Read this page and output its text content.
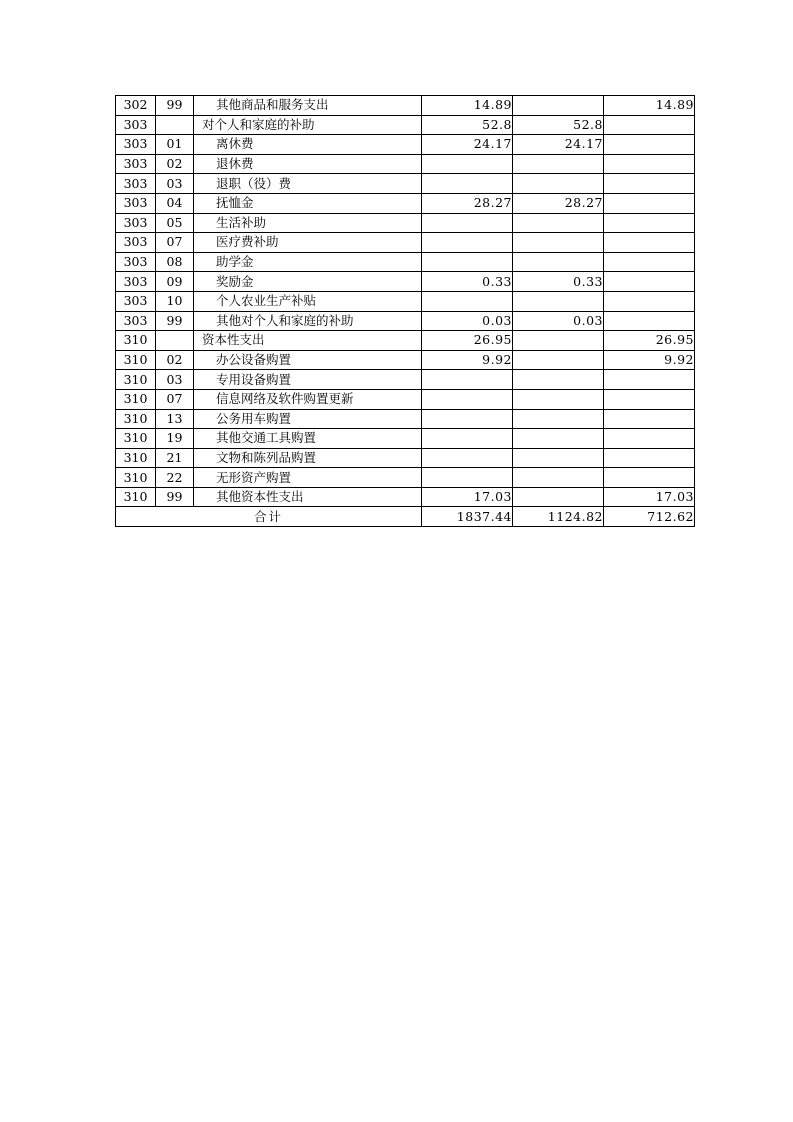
302	99	其他商品和服务支出	14.89		14.89
303		对个人和家庭的补助	52.8	52.8	
303	01	离休费	24.17	24.17	
303	02	退休费			
303	03	退职（役）费			
303	04	抚恤金	28.27	28.27	
303	05	生活补助			
303	07	医疗费补助			
303	08	助学金			
303	09	奖励金	0.33	0.33	
303	10	个人农业生产补贴			
303	99	其他对个人和家庭的补助	0.03	0.03	
310		资本性支出	26.95		26.95
310	02	办公设备购置	9.92		9.92
310	03	专用设备购置			
310	07	信息网络及软件购置更新			
310	13	公务用车购置			
310	19	其他交通工具购置			
310	21	文物和陈列品购置			
310	22	无形资产购置			
310	99	其他资本性支出	17.03		17.03
合计			1837.44	1124.82	712.62
